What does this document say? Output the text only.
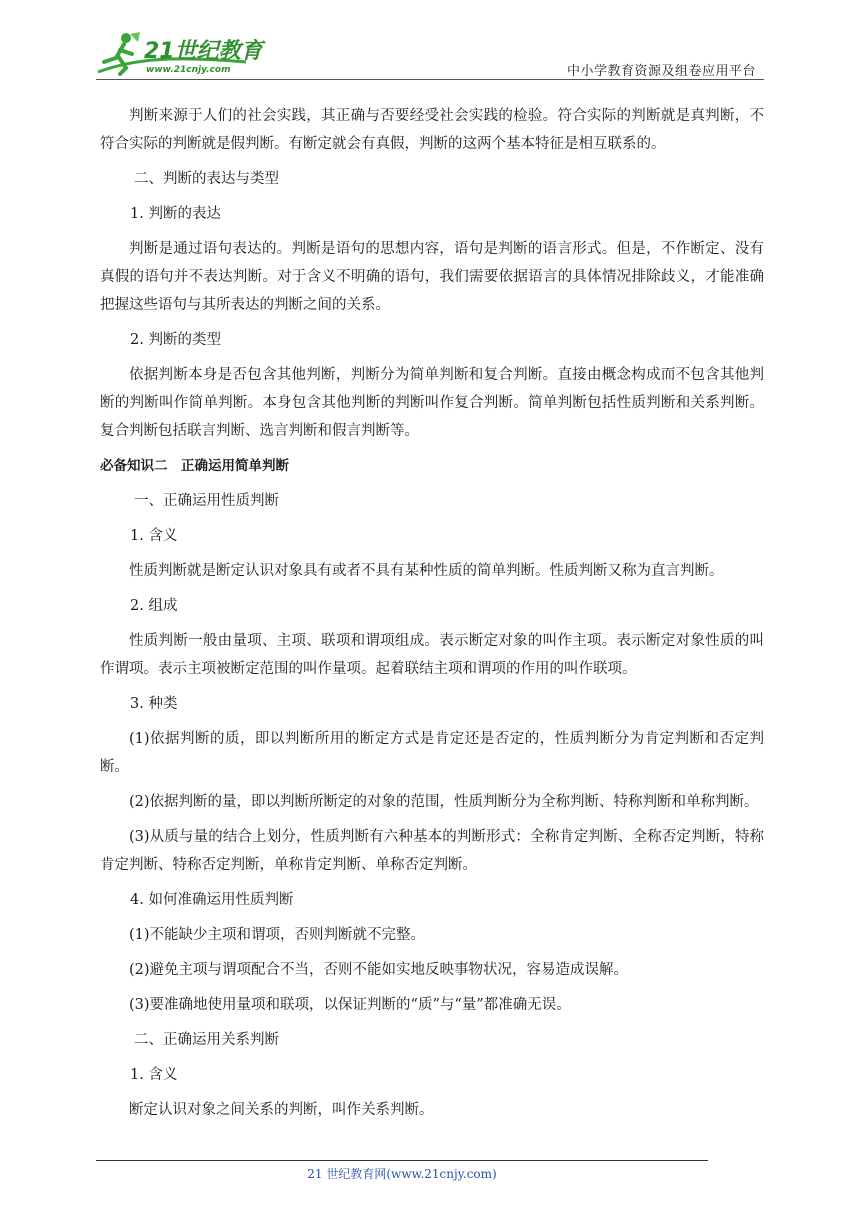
21世纪教育
www.21cnjy.com	中小学教育资源及组卷应用平台

判断来源于人们的社会实践，其正确与否要经受社会实践的检验。符合实际的判断就是真判断，不符合实际的判断就是假判断。有断定就会有真假，判断的这两个基本特征是相互联系的。

二、判断的表达与类型

1. 判断的表达

判断是通过语句表达的。判断是语句的思想内容，语句是判断的语言形式。但是，不作断定、没有真假的语句并不表达判断。对于含义不明确的语句，我们需要依据语言的具体情况排除歧义，才能准确把握这些语句与其所表达的判断之间的关系。

2. 判断的类型

依据判断本身是否包含其他判断，判断分为简单判断和复合判断。直接由概念构成而不包含其他判断的判断叫作简单判断。本身包含其他判断的判断叫作复合判断。简单判断包括性质判断和关系判断。复合判断包括联言判断、选言判断和假言判断等。

必备知识二　正确运用简单判断

一、正确运用性质判断

1. 含义

性质判断就是断定认识对象具有或者不具有某种性质的简单判断。性质判断又称为直言判断。

2. 组成

性质判断一般由量项、主项、联项和谓项组成。表示断定对象的叫作主项。表示断定对象性质的叫作谓项。表示主项被断定范围的叫作量项。起着联结主项和谓项的作用的叫作联项。

3. 种类

(1)依据判断的质，即以判断所用的断定方式是肯定还是否定的，性质判断分为肯定判断和否定判断。

(2)依据判断的量，即以判断所断定的对象的范围，性质判断分为全称判断、特称判断和单称判断。

(3)从质与量的结合上划分，性质判断有六种基本的判断形式：全称肯定判断、全称否定判断，特称肯定判断、特称否定判断，单称肯定判断、单称否定判断。

4. 如何准确运用性质判断

(1)不能缺少主项和谓项，否则判断就不完整。

(2)避免主项与谓项配合不当，否则不能如实地反映事物状况，容易造成误解。

(3)要准确地使用量项和联项，以保证判断的“质”与“量”都准确无误。

二、正确运用关系判断

1. 含义

断定认识对象之间关系的判断，叫作关系判断。

21 世纪教育网(www.21cnjy.com)
